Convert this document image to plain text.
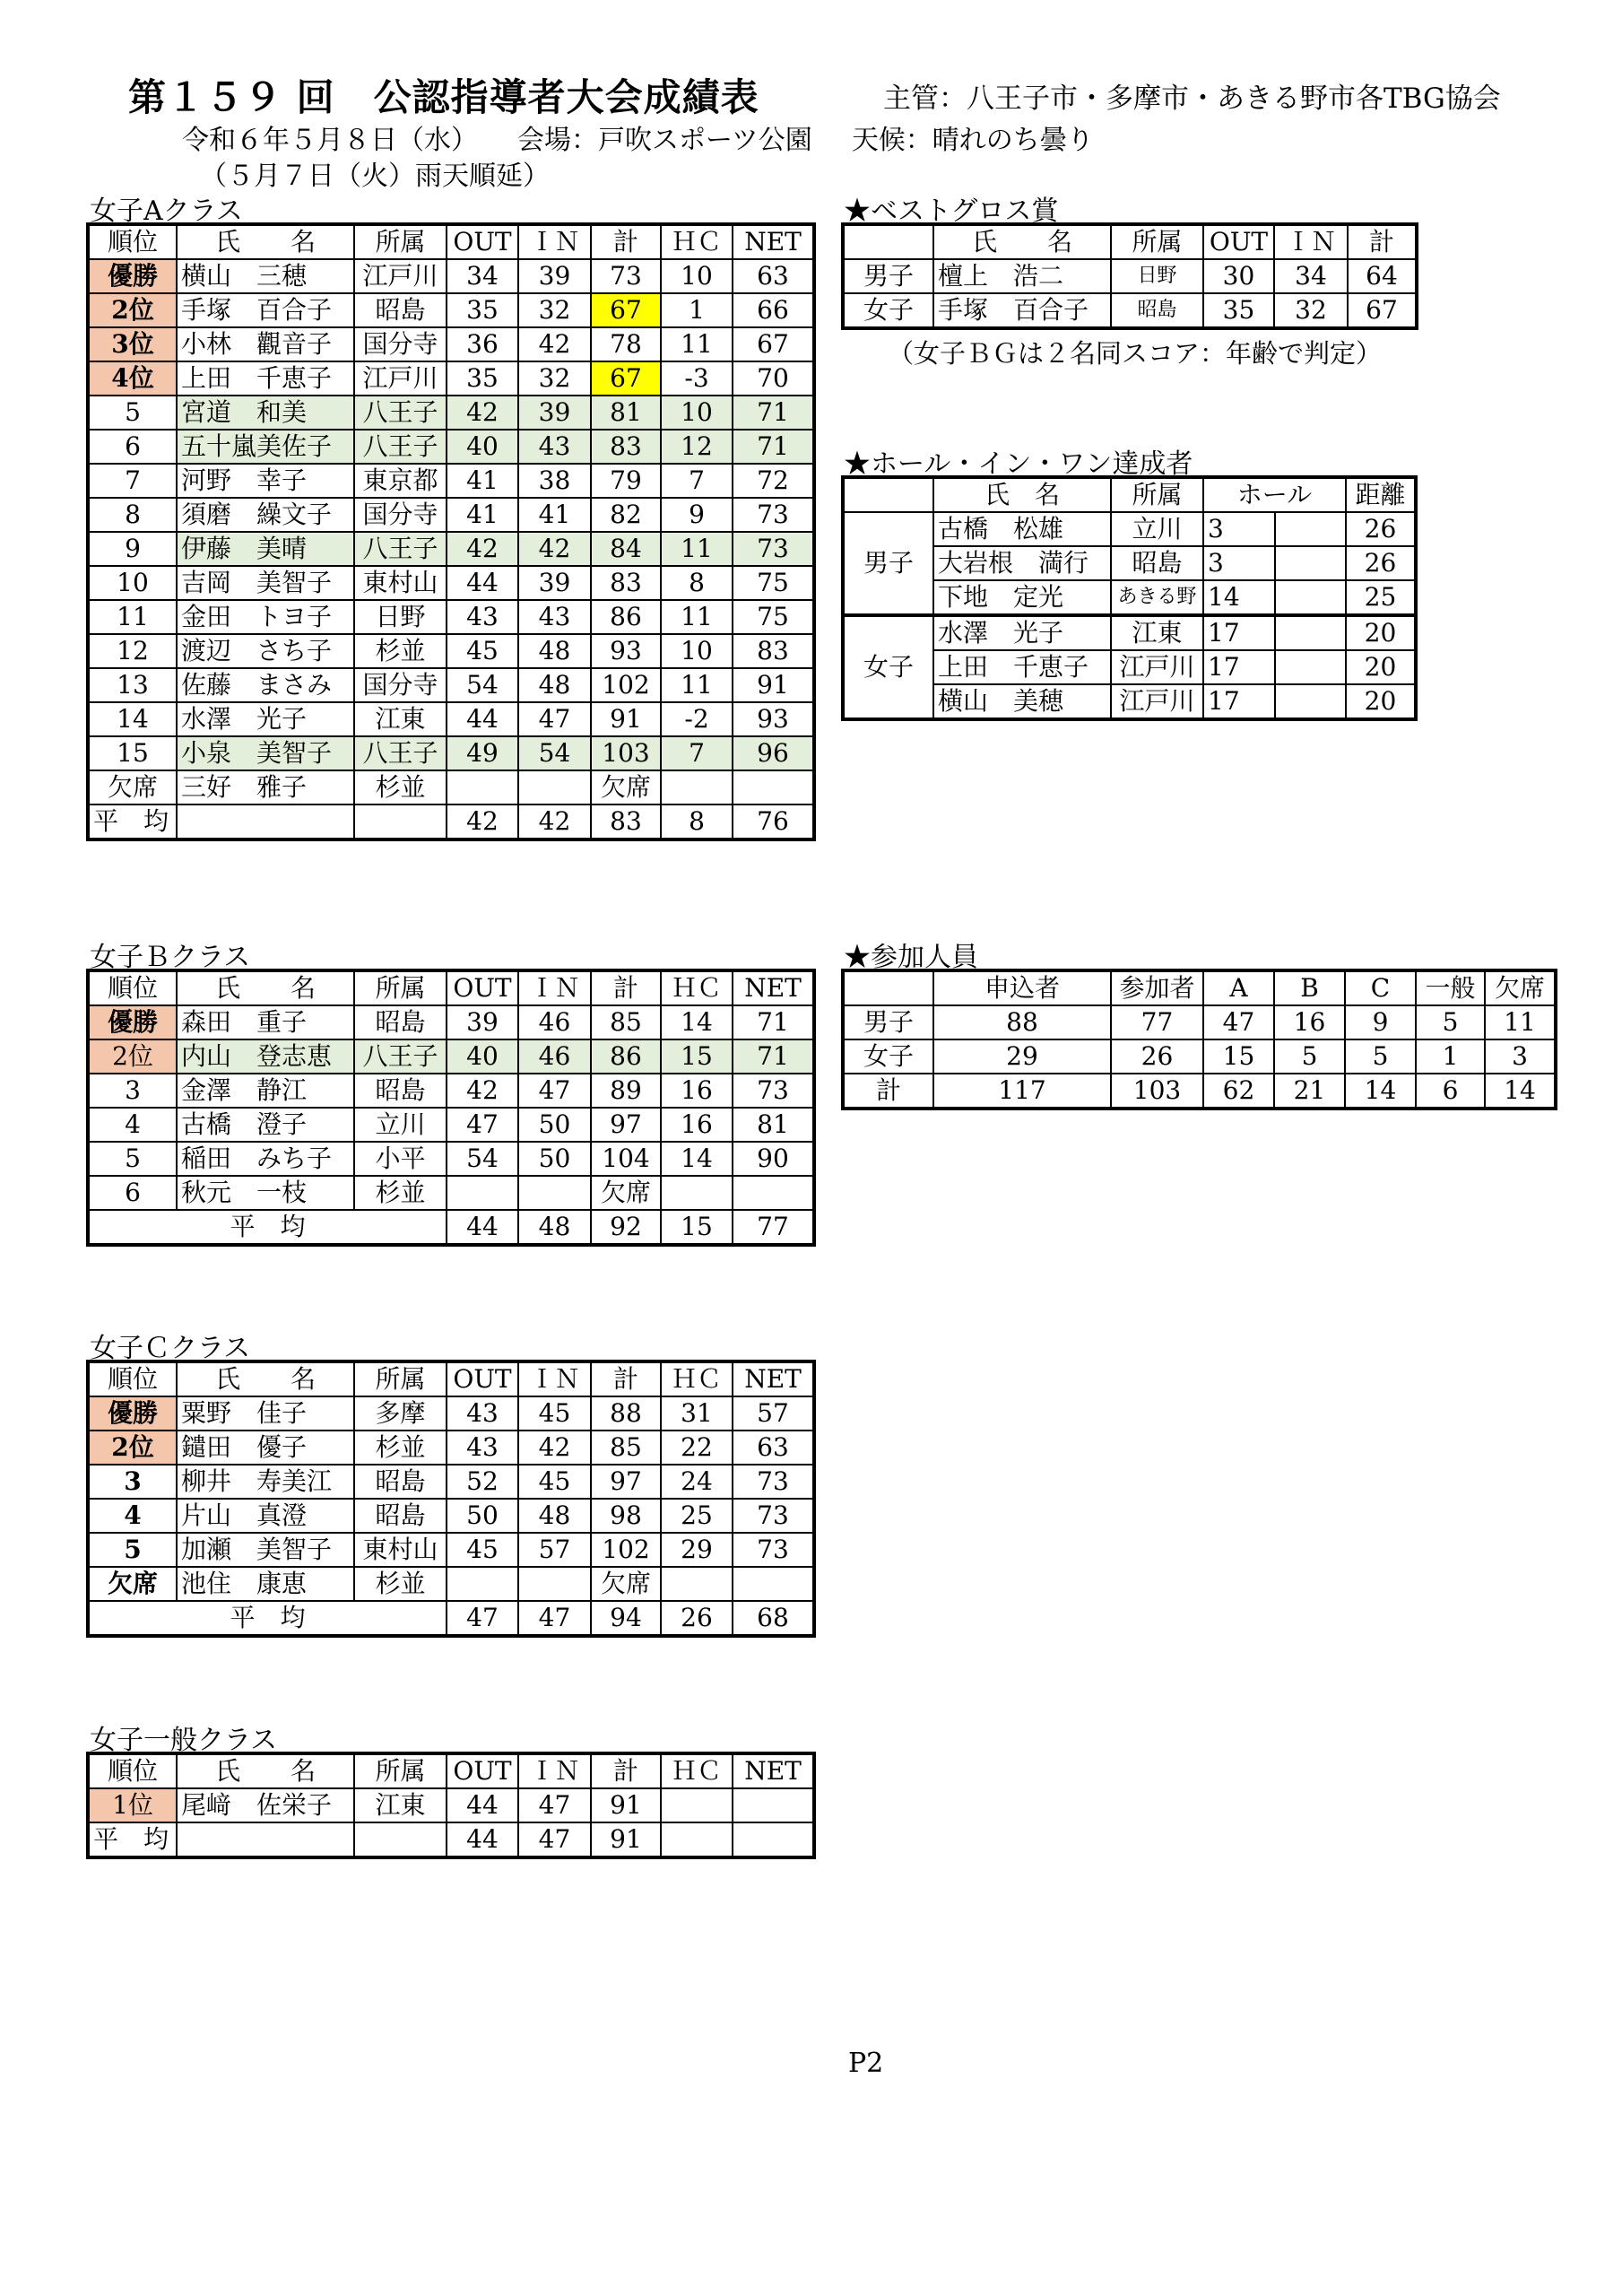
第１５９ 回　公認指導者大会成績表	主管：八王子市・多摩市・あきる野市各TBG協会
令和６年５月８日（水） 会場：戸吹スポーツ公園 天候：晴れのち曇り
（５月７日（火）雨天順延）
女子Aクラス
順位	氏　　名	所属	OUT	ＩＮ	計	ＨＣ	NET
優勝	横山　三穂	江戸川	34	39	73	10	63
2位	手塚　百合子	昭島	35	32	67	1	66
3位	小林　觀音子	国分寺	36	42	78	11	67
4位	上田　千恵子	江戸川	35	32	67	-3	70
5	宮道　和美	八王子	42	39	81	10	71
6	五十嵐美佐子	八王子	40	43	83	12	71
7	河野　幸子	東京都	41	38	79	7	72
8	須磨　繰文子	国分寺	41	41	82	9	73
9	伊藤　美晴	八王子	42	42	84	11	73
10	吉岡　美智子	東村山	44	39	83	8	75
11	金田　トヨ子	日野	43	43	86	11	75
12	渡辺　さち子	杉並	45	48	93	10	83
13	佐藤　まさみ	国分寺	54	48	102	11	91
14	水澤　光子	江東	44	47	91	-2	93
15	小泉　美智子	八王子	49	54	103	7	96
欠席	三好　雅子	杉並			欠席		
平　均			42	42	83	8	76
女子Ｂクラス
順位	氏　　名	所属	OUT	ＩＮ	計	ＨＣ	NET
優勝	森田　重子	昭島	39	46	85	14	71
2位	内山　登志恵	八王子	40	46	86	15	71
3	金澤　静江	昭島	42	47	89	16	73
4	古橋　澄子	立川	47	50	97	16	81
5	稲田　みち子	小平	54	50	104	14	90
6	秋元　一枝	杉並			欠席		
平　均			44	48	92	15	77
女子Ｃクラス
順位	氏　　名	所属	OUT	ＩＮ	計	ＨＣ	NET
優勝	粟野　佳子	多摩	43	45	88	31	57
2位	鑓田　優子	杉並	43	42	85	22	63
3	柳井　寿美江	昭島	52	45	97	24	73
4	片山　真澄	昭島	50	48	98	25	73
5	加瀬　美智子	東村山	45	57	102	29	73
欠席	池住　康恵	杉並			欠席		
平　均			47	47	94	26	68
女子一般クラス
順位	氏　　名	所属	OUT	ＩＮ	計	ＨＣ	NET
1位	尾﨑　佐栄子	江東	44	47	91		
平　均			44	47	91		
★ベストグロス賞
	氏　　名	所属	OUT	ＩＮ	計
男子	檀上　浩二	日野	30	34	64
女子	手塚　百合子	昭島	35	32	67
（女子ＢＧは２名同スコア：年齢で判定）
★ホール・イン・ワン達成者
	氏　名	所属	ホール		距離
男子	古橋　松雄	立川	3		26
	大岩根　満行	昭島	3		26
	下地　定光	あきる野	14		25
女子	水澤　光子	江東	17		20
	上田　千恵子	江戸川	17		20
	横山　美穂	江戸川	17		20
★参加人員
	申込者	参加者	A	B	C	一般	欠席
男子	88	77	47	16	9	5	11
女子	29	26	15	5	5	1	3
計	117	103	62	21	14	6	14
P2
